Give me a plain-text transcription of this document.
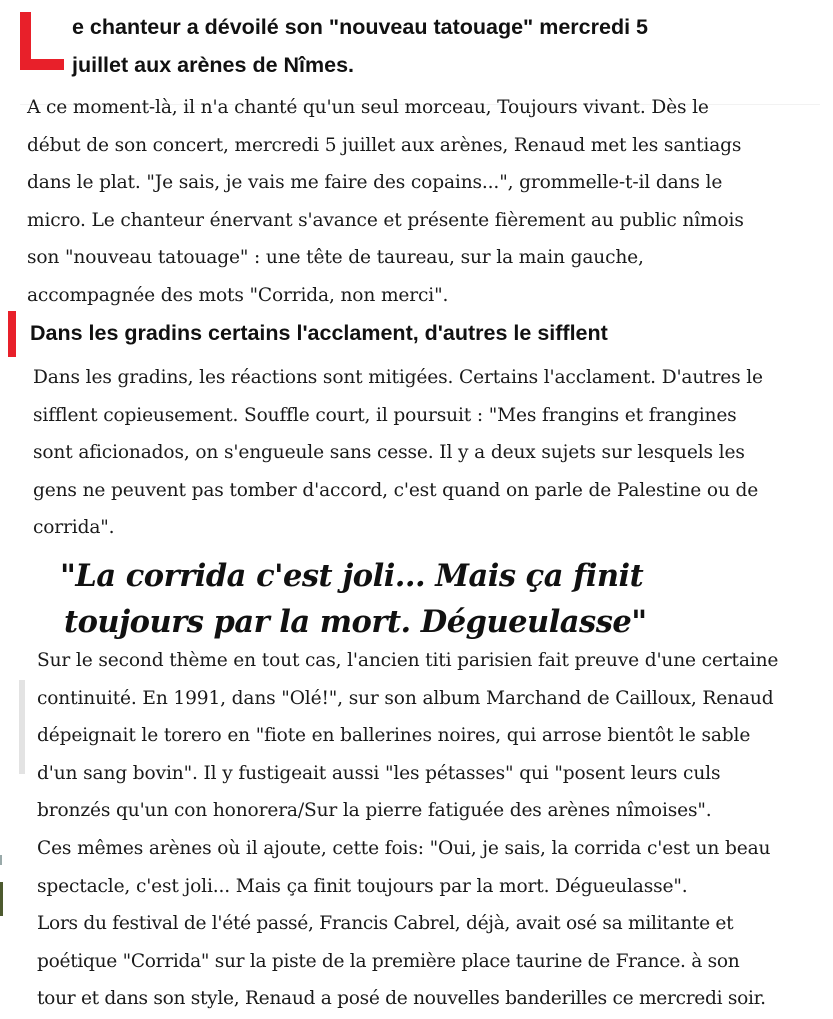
e chanteur a dévoilé son "nouveau tatouage" mercredi 5
juillet aux arènes de Nîmes.
A ce moment-là, il n'a chanté qu'un seul morceau, Toujours vivant. Dès le
début de son concert, mercredi 5 juillet aux arènes, Renaud met les santiags
dans le plat. "Je sais, je vais me faire des copains...", grommelle-t-il dans le
micro. Le chanteur énervant s'avance et présente fièrement au public nîmois
son "nouveau tatouage" : une tête de taureau, sur la main gauche,
accompagnée des mots "Corrida, non merci".
Dans les gradins certains l'acclament, d'autres le sifflent
Dans les gradins, les réactions sont mitigées. Certains l'acclament. D'autres le
sifflent copieusement. Souffle court, il poursuit : "Mes frangins et frangines
sont aficionados, on s'engueule sans cesse. Il y a deux sujets sur lesquels les
gens ne peuvent pas tomber d'accord, c'est quand on parle de Palestine ou de
corrida".
"La corrida c'est joli... Mais ça finit
toujours par la mort. Dégueulasse"
Sur le second thème en tout cas, l'ancien titi parisien fait preuve d'une certaine
continuité. En 1991, dans "Olé!", sur son album Marchand de Cailloux, Renaud
dépeignait le torero en "fiote en ballerines noires, qui arrose bientôt le sable
d'un sang bovin". Il y fustigeait aussi "les pétasses" qui "posent leurs culs
bronzés qu'un con honorera/Sur la pierre fatiguée des arènes nîmoises".
Ces mêmes arènes où il ajoute, cette fois: "Oui, je sais, la corrida c'est un beau
spectacle, c'est joli... Mais ça finit toujours par la mort. Dégueulasse".
Lors du festival de l'été passé, Francis Cabrel, déjà, avait osé sa militante et
poétique "Corrida" sur la piste de la première place taurine de France. à son
tour et dans son style, Renaud a posé de nouvelles banderilles ce mercredi soir.
